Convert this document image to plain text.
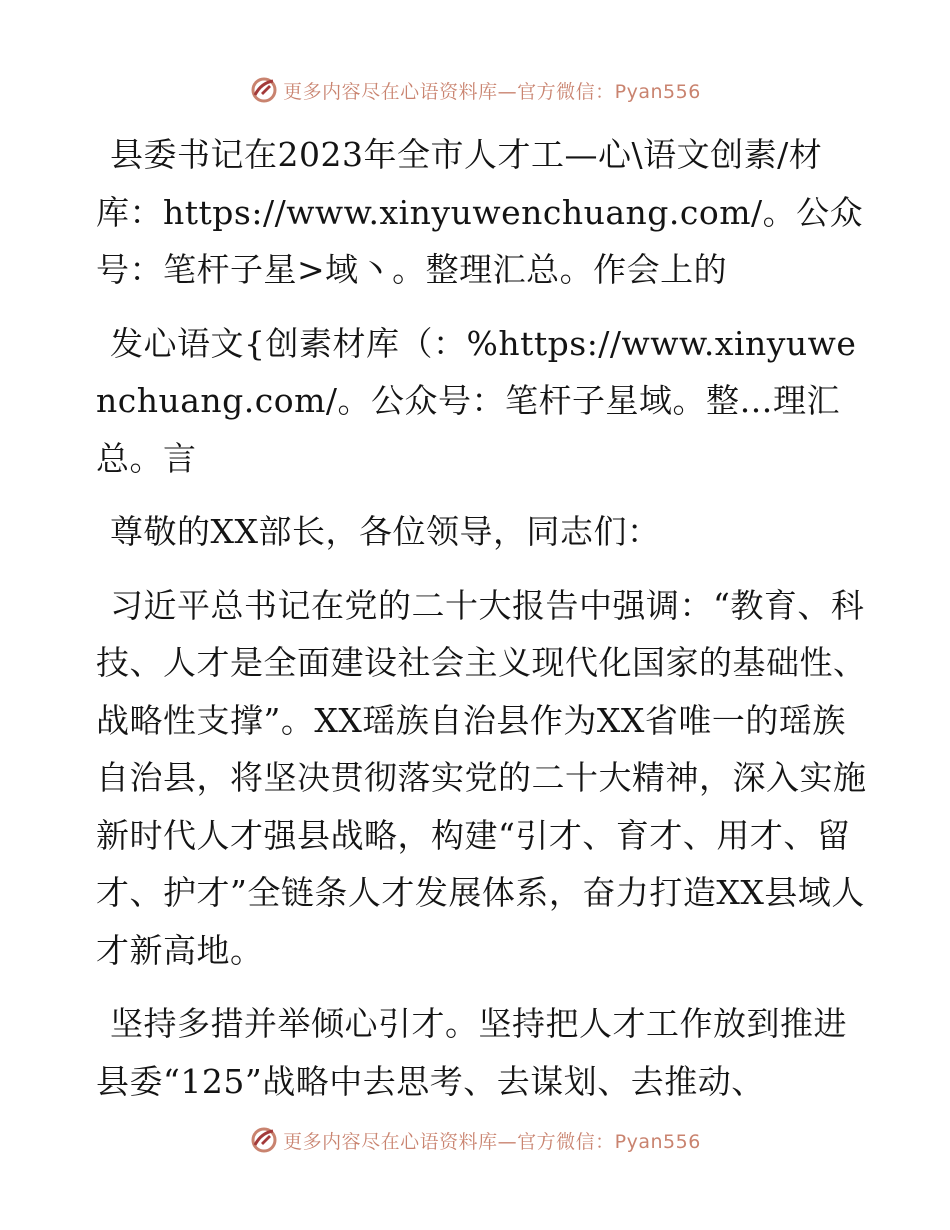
更多内容尽在心语资料库—官方微信：Pyan556

县委书记在2023年全市人才工—心\语文创素/材库：https://www.xinyuwenchuang.com/。公众号：笔杆子星>域丶。整理汇总。作会上的

发心语文{创素材库（：%https://www.xinyuwenchuang.com/。公众号：笔杆子星域。整…理汇总。言

尊敬的XX部长，各位领导，同志们：

习近平总书记在党的二十大报告中强调：“教育、科技、人才是全面建设社会主义现代化国家的基础性、战略性支撑”。XX瑶族自治县作为XX省唯一的瑶族自治县，将坚决贯彻落实党的二十大精神，深入实施新时代人才强县战略，构建“引才、育才、用才、留才、护才”全链条人才发展体系，奋力打造XX县域人才新高地。

坚持多措并举倾心引才。坚持把人才工作放到推进县委“125”战略中去思考、去谋划、去推动、

更多内容尽在心语资料库—官方微信：Pyan556
